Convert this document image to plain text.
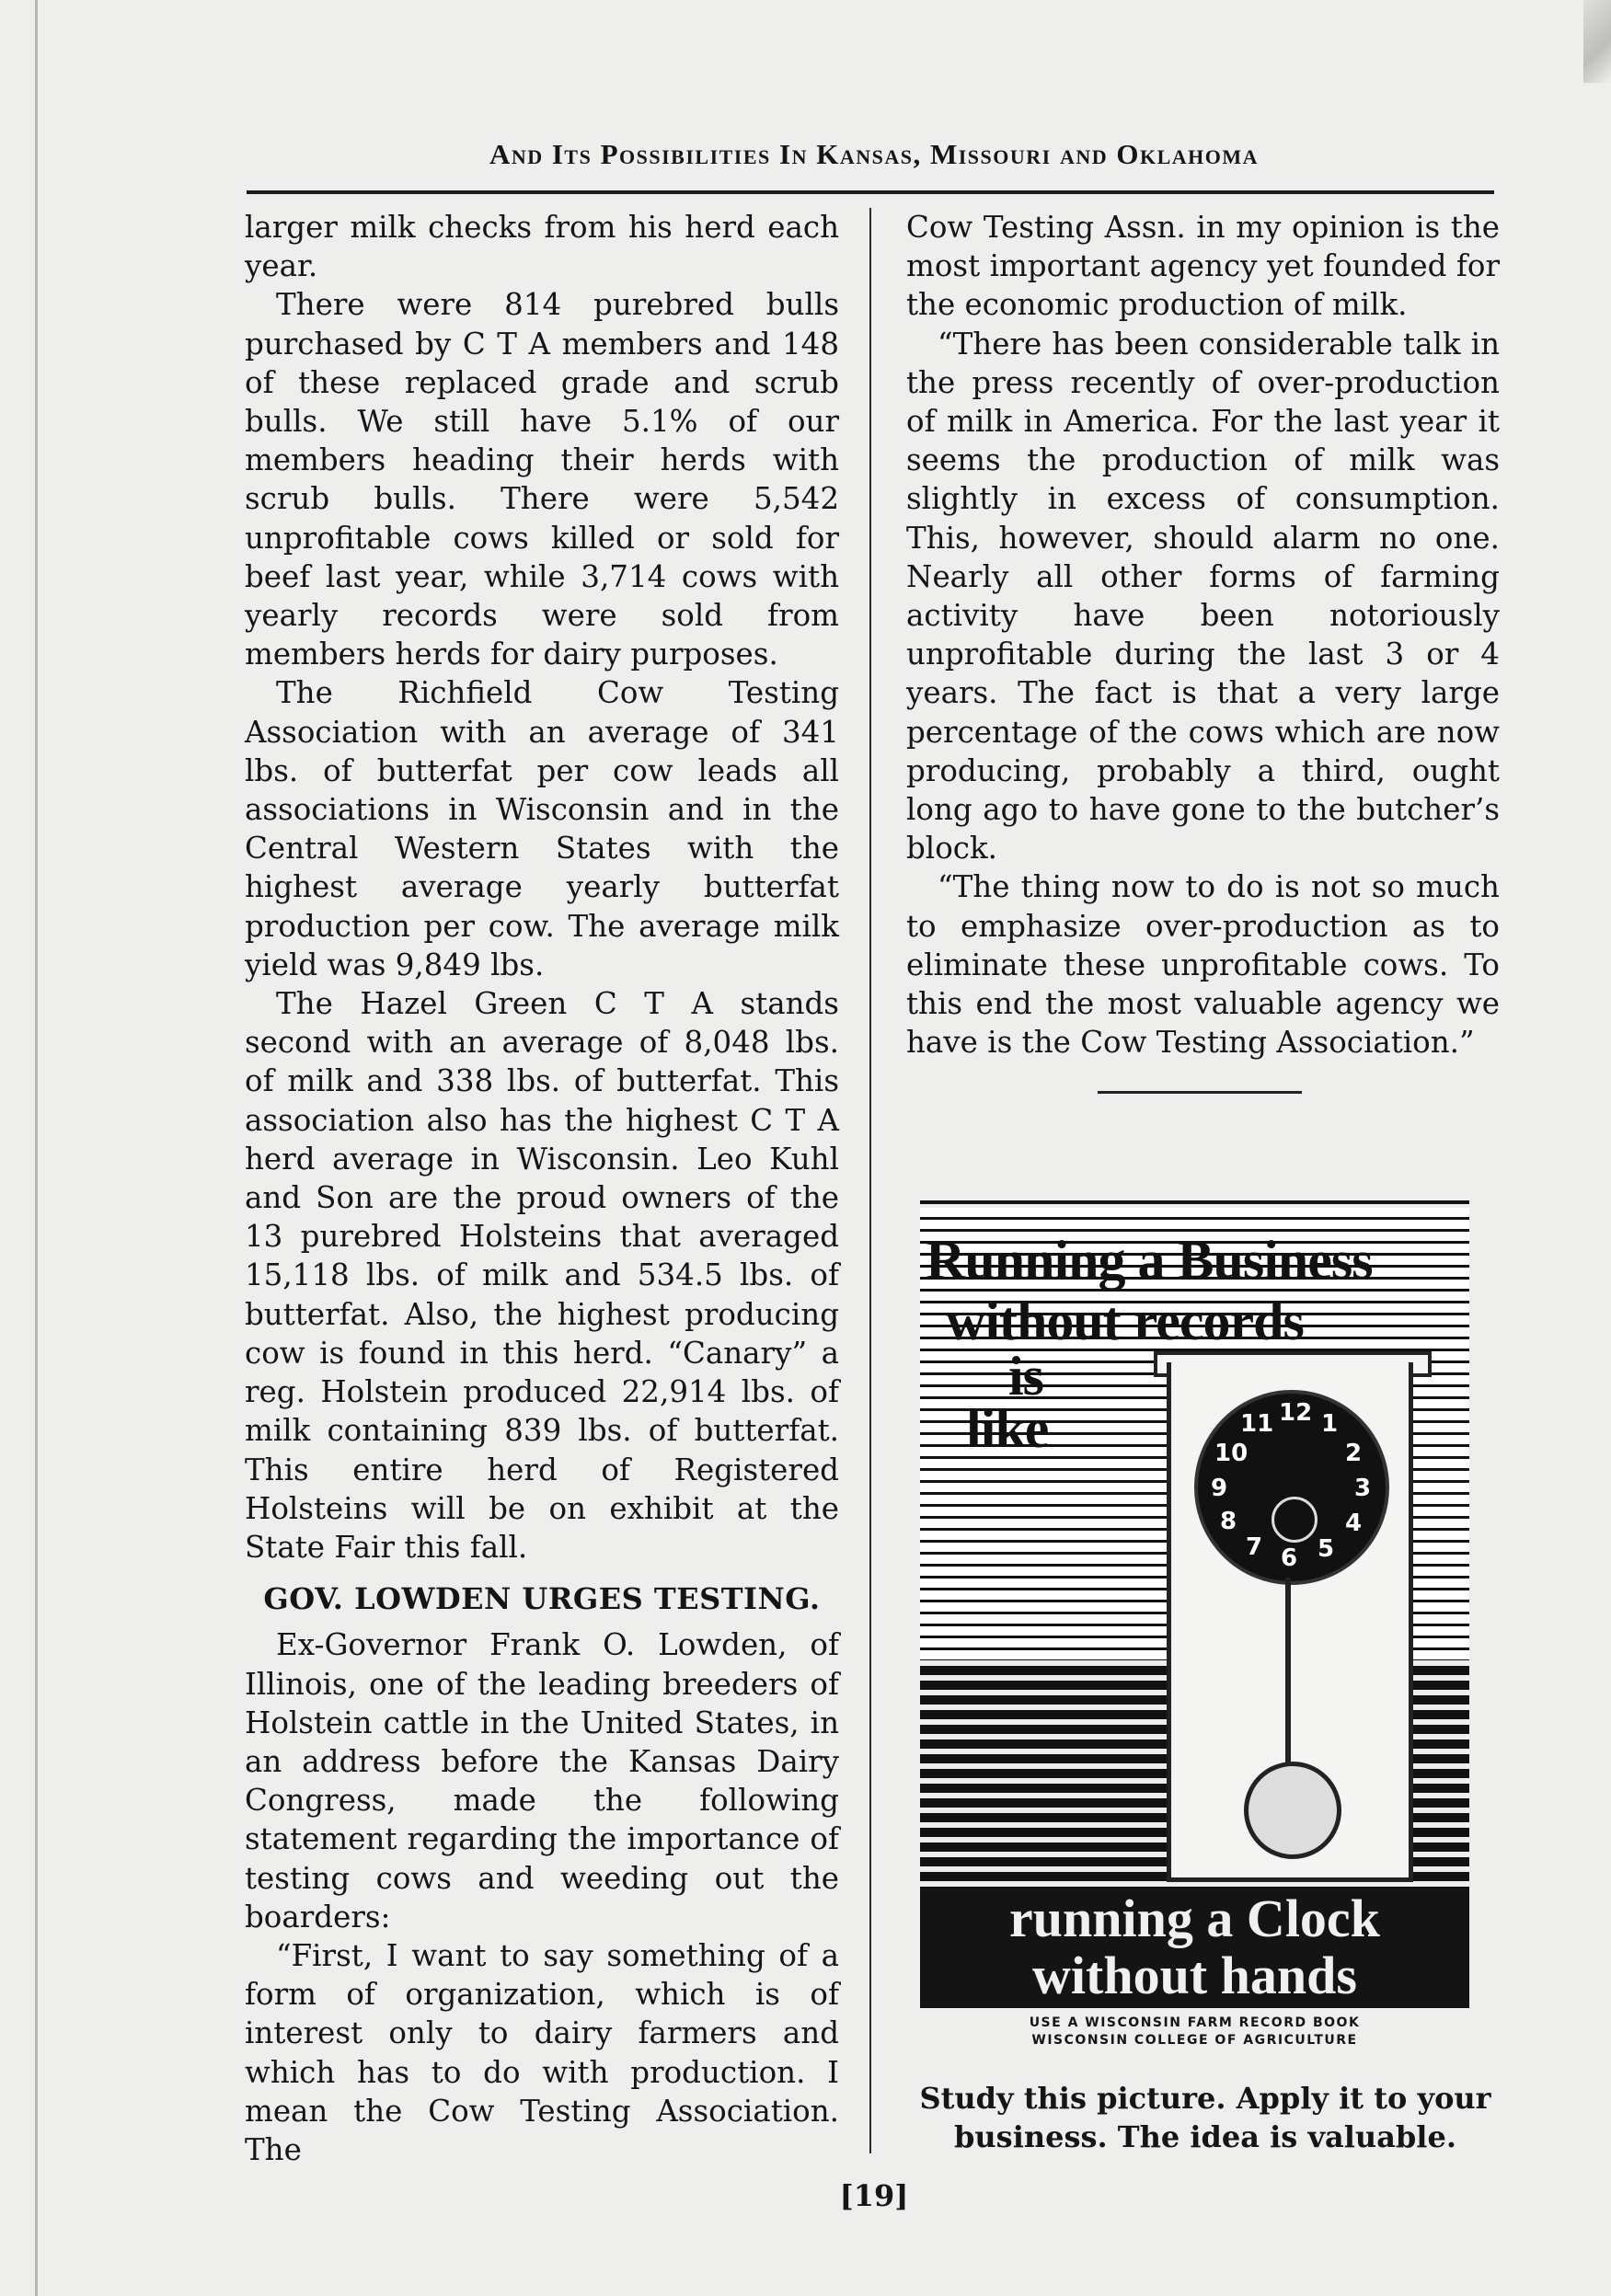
And Its Possibilities In Kansas, Missouri and Oklahoma

larger milk checks from his herd each year.

There were 814 purebred bulls purchased by C T A members and 148 of these replaced grade and scrub bulls. We still have 5.1% of our members heading their herds with scrub bulls. There were 5,542 unprofitable cows killed or sold for beef last year, while 3,714 cows with yearly records were sold from members herds for dairy purposes.

The Richfield Cow Testing Association with an average of 341 lbs. of butterfat per cow leads all associations in Wisconsin and in the Central Western States with the highest average yearly butterfat production per cow. The average milk yield was 9,849 lbs.

The Hazel Green C T A stands second with an average of 8,048 lbs. of milk and 338 lbs. of butterfat. This association also has the highest C T A herd average in Wisconsin. Leo Kuhl and Son are the proud owners of the 13 purebred Holsteins that averaged 15,118 lbs. of milk and 534.5 lbs. of butterfat. Also, the highest producing cow is found in this herd. “Canary” a reg. Holstein produced 22,914 lbs. of milk containing 839 lbs. of butterfat. This entire herd of Registered Holsteins will be on exhibit at the State Fair this fall.

GOV. LOWDEN URGES TESTING.

Ex-Governor Frank O. Lowden, of Illinois, one of the leading breeders of Holstein cattle in the United States, in an address before the Kansas Dairy Congress, made the following statement regarding the importance of testing cows and weeding out the boarders:

“First, I want to say something of a form of organization, which is of interest only to dairy farmers and which has to do with production. I mean the Cow Testing Association. The

Cow Testing Assn. in my opinion is the most important agency yet founded for the economic production of milk.

“There has been considerable talk in the press recently of over-production of milk in America. For the last year it seems the production of milk was slightly in excess of consumption. This, however, should alarm no one. Nearly all other forms of farming activity have been notoriously unprofitable during the last 3 or 4 years. The fact is that a very large percentage of the cows which are now producing, probably a third, ought long ago to have gone to the butcher’s block.

“The thing now to do is not so much to emphasize over-production as to eliminate these unprofitable cows. To this end the most valuable agency we have is the Cow Testing Association.”

Running a Business
without records
is
like	12 1
2
3
4
5
6
7
8
9
10
11
running a Clock
without hands
USE A WISCONSIN FARM RECORD BOOK
WISCONSIN COLLEGE OF AGRICULTURE
Study this picture. Apply it to your business. The idea is valuable.
[19]
